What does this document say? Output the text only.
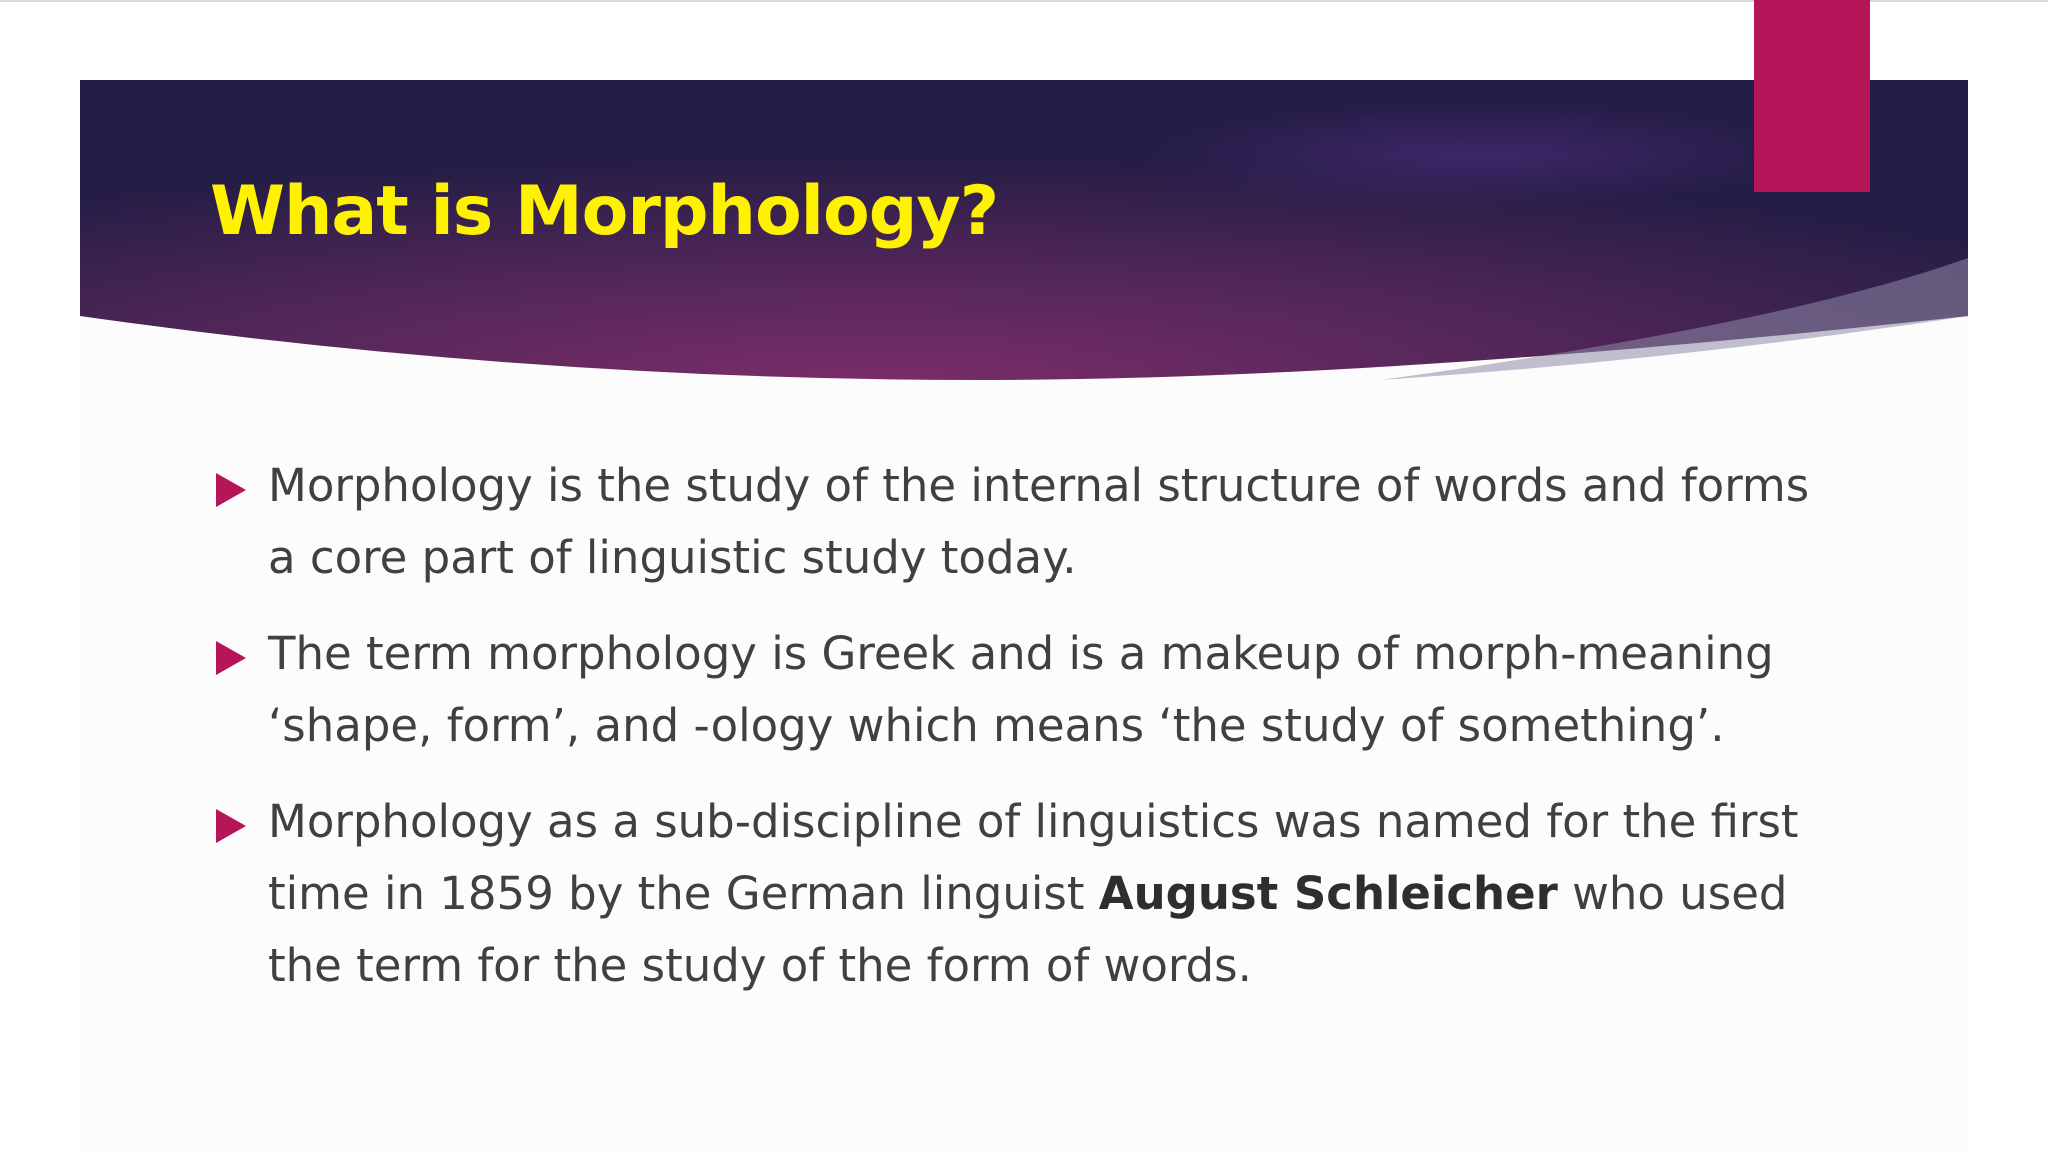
What is Morphology?
Morphology is the study of the internal structure of words and forms a core part of linguistic study today.
The term morphology is Greek and is a makeup of morph-meaning ‘shape, form’, and -ology which means ‘the study of something’.
Morphology as a sub-discipline of linguistics was named for the first time in 1859 by the German linguist August Schleicher who used the term for the study of the form of words.
